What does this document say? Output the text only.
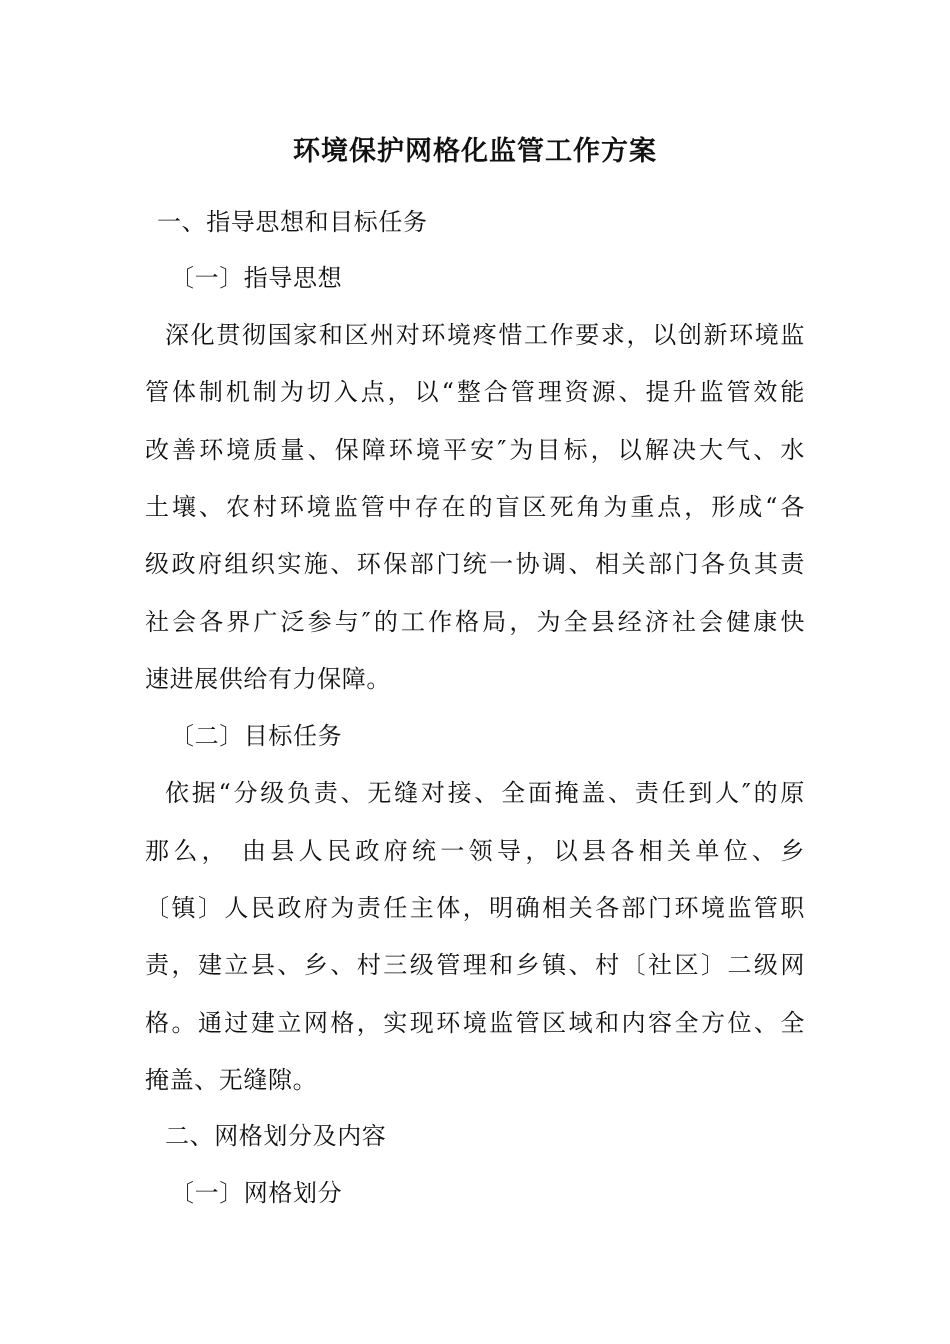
环境保护网格化监管工作方案
一、指导思想和目标任务
〔一〕指导思想
深化贯彻国家和区州对环境疼惜工作要求，以创新环境监
管体制机制为切入点，以“整合管理资源、提升监管效能
改善环境质量、保障环境平安″为目标，以解决大气、水
土壤、农村环境监管中存在的盲区死角为重点，形成“各
级政府组织实施、环保部门统一协调、相关部门各负其责
社会各界广泛参与″的工作格局，为全县经济社会健康快
速进展供给有力保障。
〔二〕目标任务
依据“分级负责、无缝对接、全面掩盖、责任到人″的原
那么， 由县人民政府统一领导，以县各相关单位、乡
〔镇〕人民政府为责任主体，明确相关各部门环境监管职
责，建立县、乡、村三级管理和乡镇、村〔社区〕二级网
格。通过建立网格，实现环境监管区域和内容全方位、全
掩盖、无缝隙。
二、网格划分及内容
〔一〕网格划分
